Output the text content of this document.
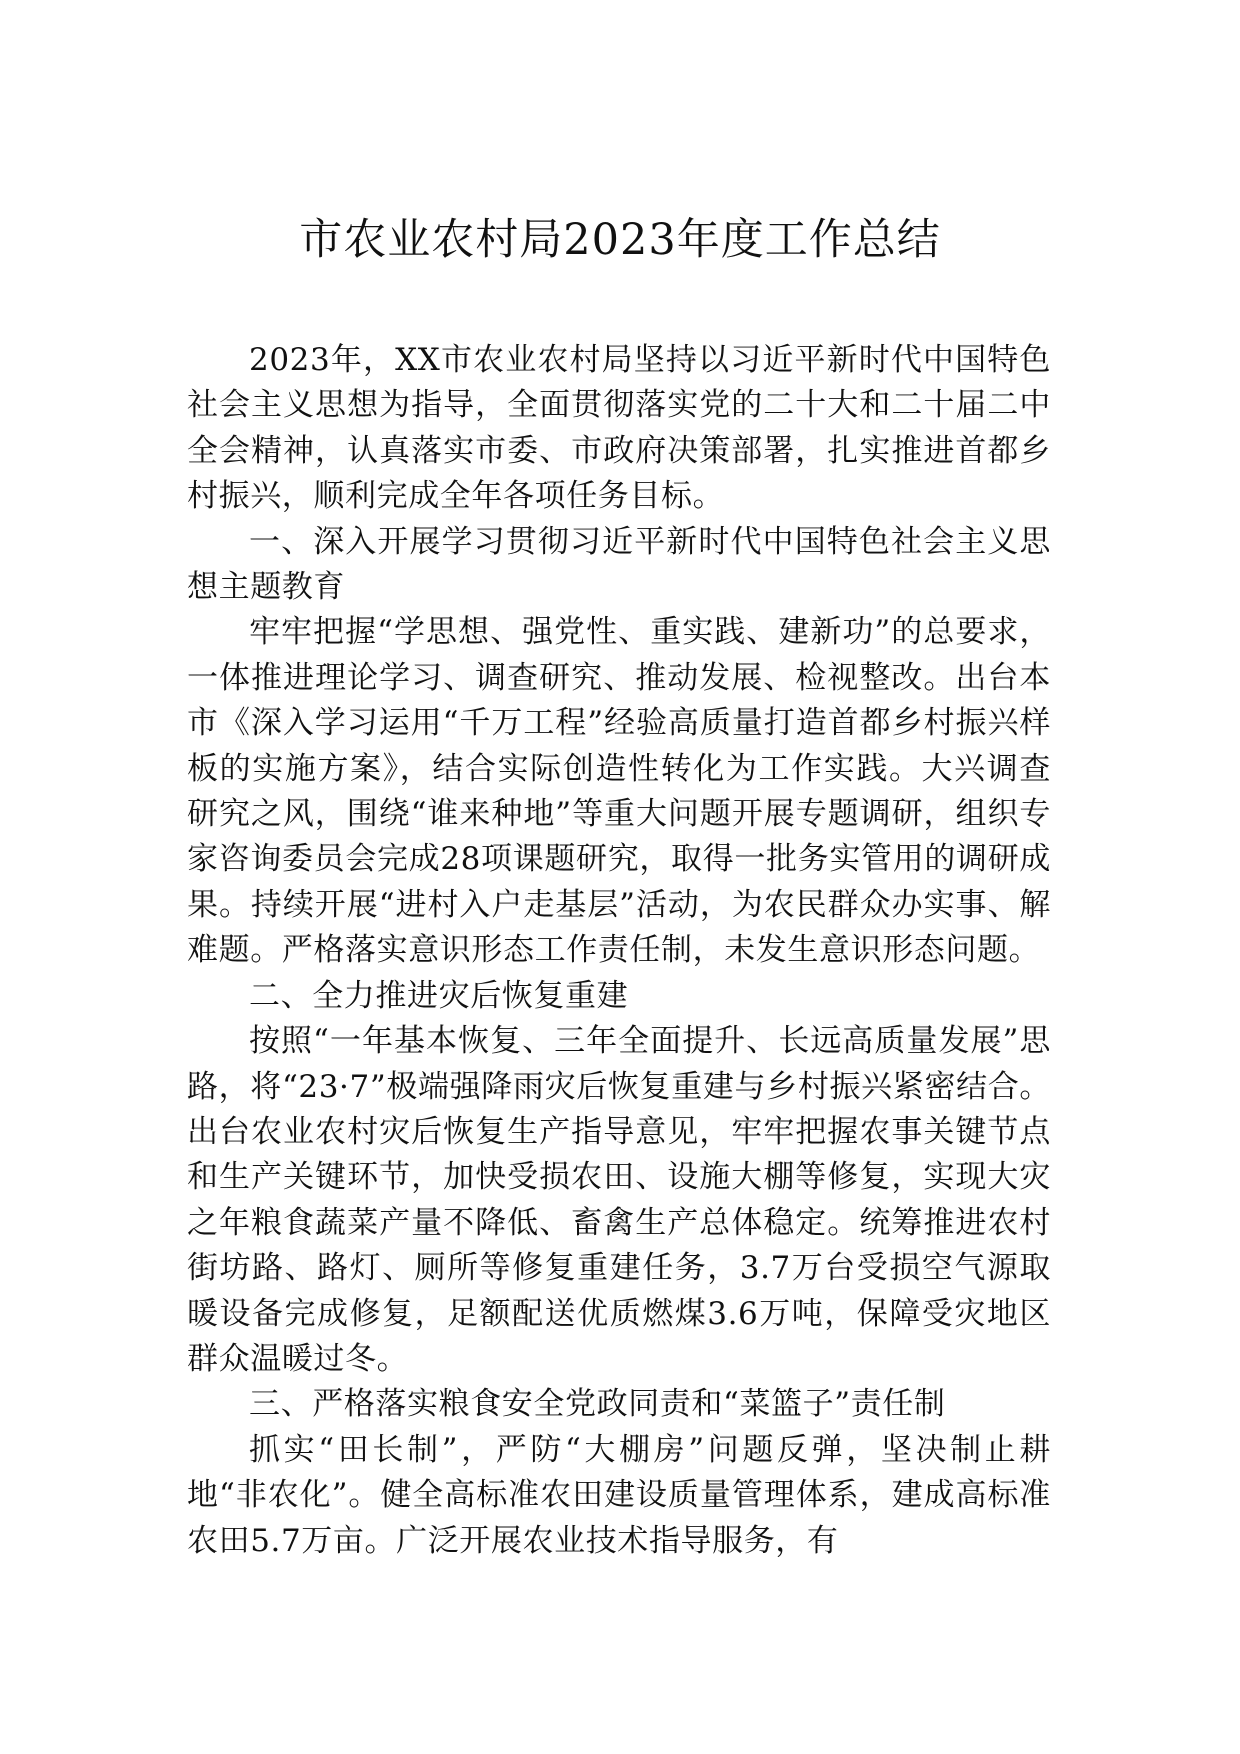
市农业农村局2023年度工作总结

2023年，XX市农业农村局坚持以习近平新时代中国特色社会主义思想为指导，全面贯彻落实党的二十大和二十届二中全会精神，认真落实市委、市政府决策部署，扎实推进首都乡村振兴，顺利完成全年各项任务目标。

一、深入开展学习贯彻习近平新时代中国特色社会主义思想主题教育

牢牢把握“学思想、强党性、重实践、建新功”的总要求，一体推进理论学习、调查研究、推动发展、检视整改。出台本市《深入学习运用“千万工程”经验高质量打造首都乡村振兴样板的实施方案》，结合实际创造性转化为工作实践。大兴调查研究之风，围绕“谁来种地”等重大问题开展专题调研，组织专家咨询委员会完成28项课题研究，取得一批务实管用的调研成果。持续开展“进村入户走基层”活动，为农民群众办实事、解难题。严格落实意识形态工作责任制，未发生意识形态问题。

二、全力推进灾后恢复重建

按照“一年基本恢复、三年全面提升、长远高质量发展”思路，将“23·7”极端强降雨灾后恢复重建与乡村振兴紧密结合。出台农业农村灾后恢复生产指导意见，牢牢把握农事关键节点和生产关键环节，加快受损农田、设施大棚等修复，实现大灾之年粮食蔬菜产量不降低、畜禽生产总体稳定。统筹推进农村街坊路、路灯、厕所等修复重建任务，3.7万台受损空气源取暖设备完成修复，足额配送优质燃煤3.6万吨，保障受灾地区群众温暖过冬。

三、严格落实粮食安全党政同责和“菜篮子”责任制

抓实“田长制”，严防“大棚房”问题反弹，坚决制止耕地“非农化”。健全高标准农田建设质量管理体系，建成高标准农田5.7万亩。广泛开展农业技术指导服务，有
